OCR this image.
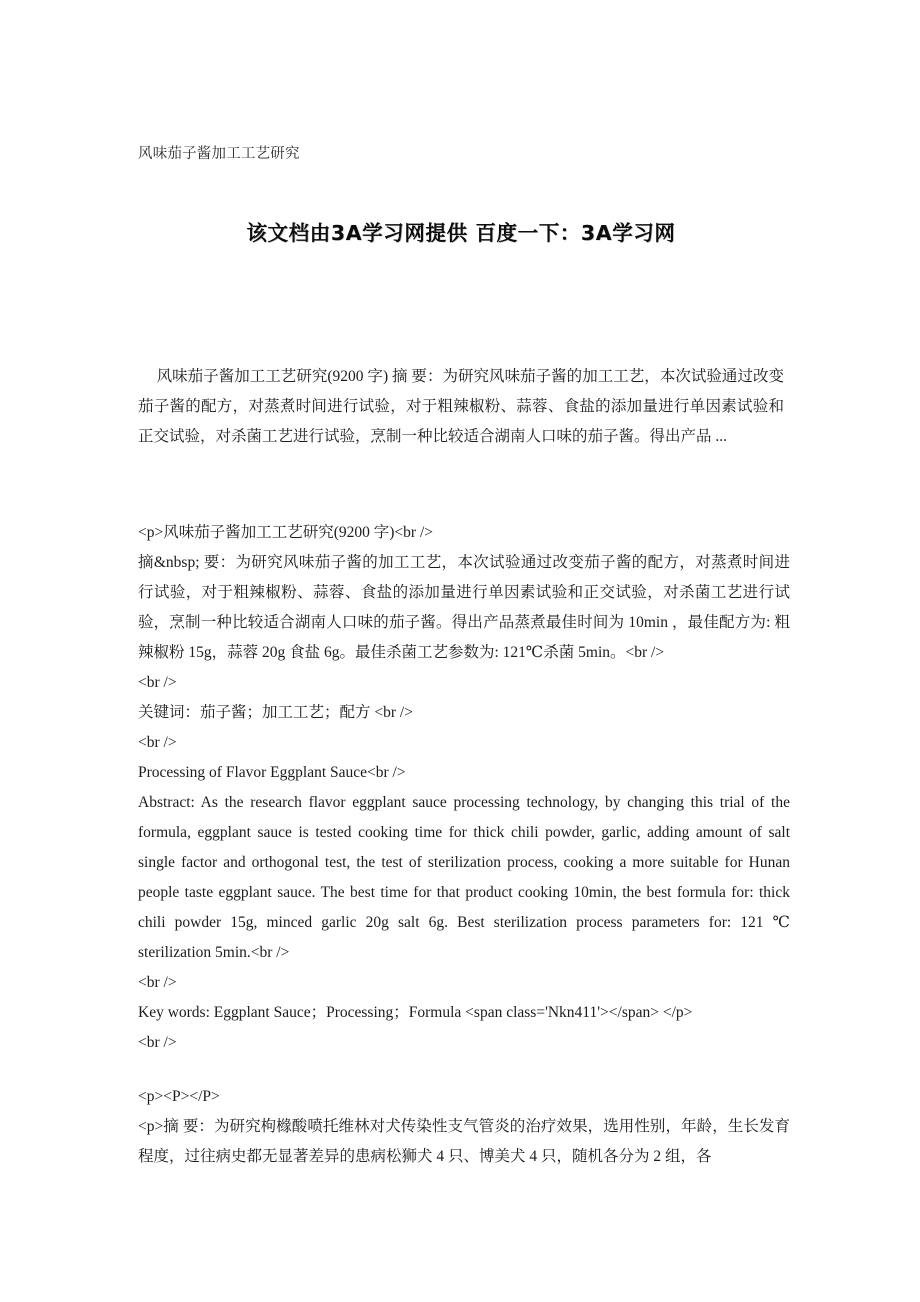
风味茄子酱加工工艺研究
该文档由3A学习网提供 百度一下：3A学习网
风味茄子酱加工工艺研究(9200 字) 摘 要：为研究风味茄子酱的加工工艺，本次试验通过改变茄子酱的配方，对蒸煮时间进行试验，对于粗辣椒粉、蒜蓉、食盐的添加量进行单因素试验和正交试验，对杀菌工艺进行试验，烹制一种比较适合湖南人口味的茄子酱。得出产品 ...

<p>风味茄子酱加工工艺研究(9200 字)<br />

摘&nbsp; 要：为研究风味茄子酱的加工工艺，本次试验通过改变茄子酱的配方，对蒸煮时间进行试验，对于粗辣椒粉、蒜蓉、食盐的添加量进行单因素试验和正交试验，对杀菌工艺进行试验，烹制一种比较适合湖南人口味的茄子酱。得出产品蒸煮最佳时间为 10min ，最佳配方为: 粗辣椒粉 15g，蒜蓉 20g 食盐 6g。最佳杀菌工艺参数为: 121℃杀菌 5min。<br />

<br />

关键词：茄子酱；加工工艺；配方 <br />

<br />

Processing of Flavor Eggplant Sauce<br />

Abstract: As the research flavor eggplant sauce processing technology, by changing this trial of the formula, eggplant sauce is tested cooking time for thick chili powder, garlic, adding amount of salt single factor and orthogonal test, the test of sterilization process, cooking a more suitable for Hunan people taste eggplant sauce. The best time for that product cooking 10min, the best formula for: thick chili powder 15g, minced garlic 20g salt 6g. Best sterilization process parameters for: 121 ℃ sterilization 5min.<br />

<br />

Key words: Eggplant Sauce；Processing；Formula <span class='Nkn411'></span> </p>

<br />

<p><P></P>

<p>摘 要：为研究枸橼酸喷托维林对犬传染性支气管炎的治疗效果，选用性别，年龄，生长发育程度，过往病史都无显著差异的患病松狮犬 4 只、博美犬 4 只，随机各分为 2 组，各
